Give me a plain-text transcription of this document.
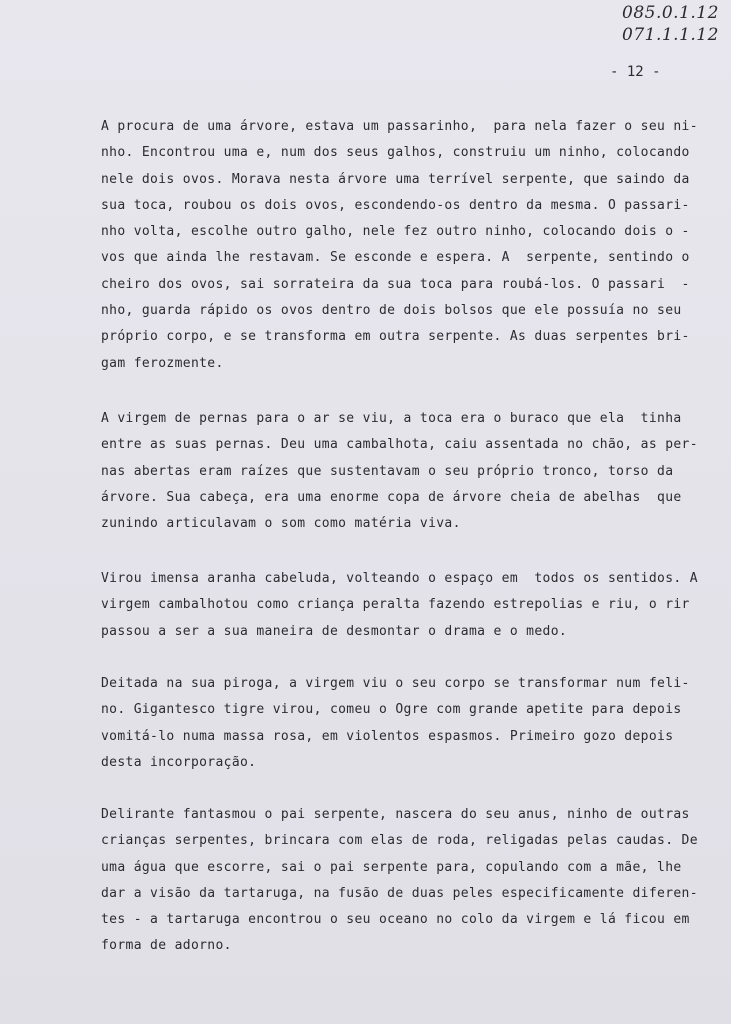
085.0.1.12
071.1.1.12
- 12 -
A procura de uma árvore, estava um passarinho,  para nela fazer o seu ni-
nho. Encontrou uma e, num dos seus galhos, construiu um ninho, colocando
nele dois ovos. Morava nesta árvore uma terrível serpente, que saindo da
sua toca, roubou os dois ovos, escondendo-os dentro da mesma. O passari-
nho volta, escolhe outro galho, nele fez outro ninho, colocando dois o -
vos que ainda lhe restavam. Se esconde e espera. A  serpente, sentindo o
cheiro dos ovos, sai sorrateira da sua toca para roubá-los. O passari  -
nho, guarda rápido os ovos dentro de dois bolsos que ele possuía no seu
próprio corpo, e se transforma em outra serpente. As duas serpentes bri-
gam ferozmente.
A virgem de pernas para o ar se viu, a toca era o buraco que ela  tinha
entre as suas pernas. Deu uma cambalhota, caiu assentada no chão, as per-
nas abertas eram raízes que sustentavam o seu próprio tronco, torso da
árvore. Sua cabeça, era uma enorme copa de árvore cheia de abelhas  que
zunindo articulavam o som como matéria viva.
Virou imensa aranha cabeluda, volteando o espaço em  todos os sentidos. A
virgem cambalhotou como criança peralta fazendo estrepolias e riu, o rir
passou a ser a sua maneira de desmontar o drama e o medo.
Deitada na sua piroga, a virgem viu o seu corpo se transformar num feli-
no. Gigantesco tigre virou, comeu o Ogre com grande apetite para depois
vomitá-lo numa massa rosa, em violentos espasmos. Primeiro gozo depois
desta incorporação.
Delirante fantasmou o pai serpente, nascera do seu anus, ninho de outras
crianças serpentes, brincara com elas de roda, religadas pelas caudas. De
uma água que escorre, sai o pai serpente para, copulando com a mãe, lhe
dar a visão da tartaruga, na fusão de duas peles especificamente diferen-
tes - a tartaruga encontrou o seu oceano no colo da virgem e lá ficou em
forma de adorno.
